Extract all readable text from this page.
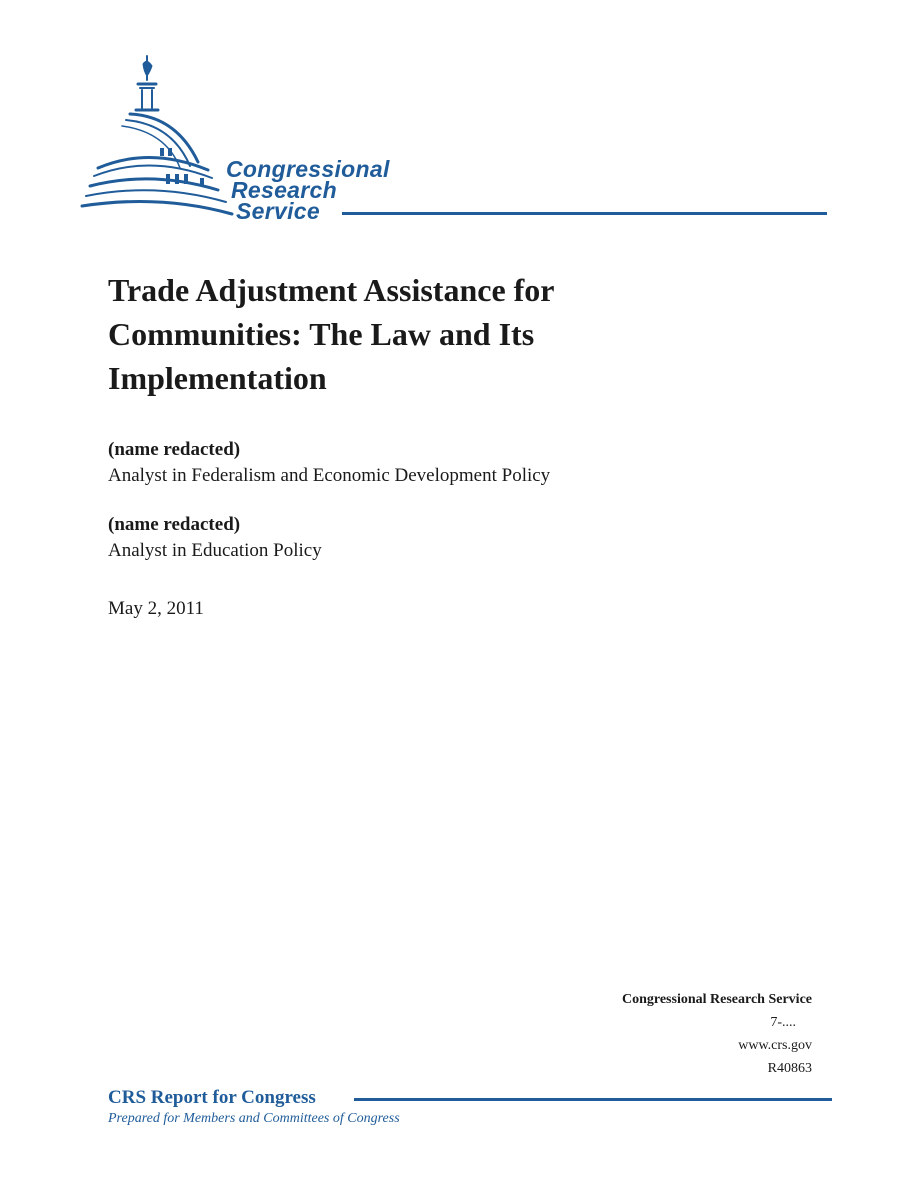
Congressional
Research
Service
Trade Adjustment Assistance for
Communities: The Law and Its
Implementation
(name redacted)
Analyst in Federalism and Economic Development Policy
(name redacted)
Analyst in Education Policy
May 2, 2011
Congressional Research Service
7-....
www.crs.gov
R40863
CRS Report for Congress
Prepared for Members and Committees of Congress
